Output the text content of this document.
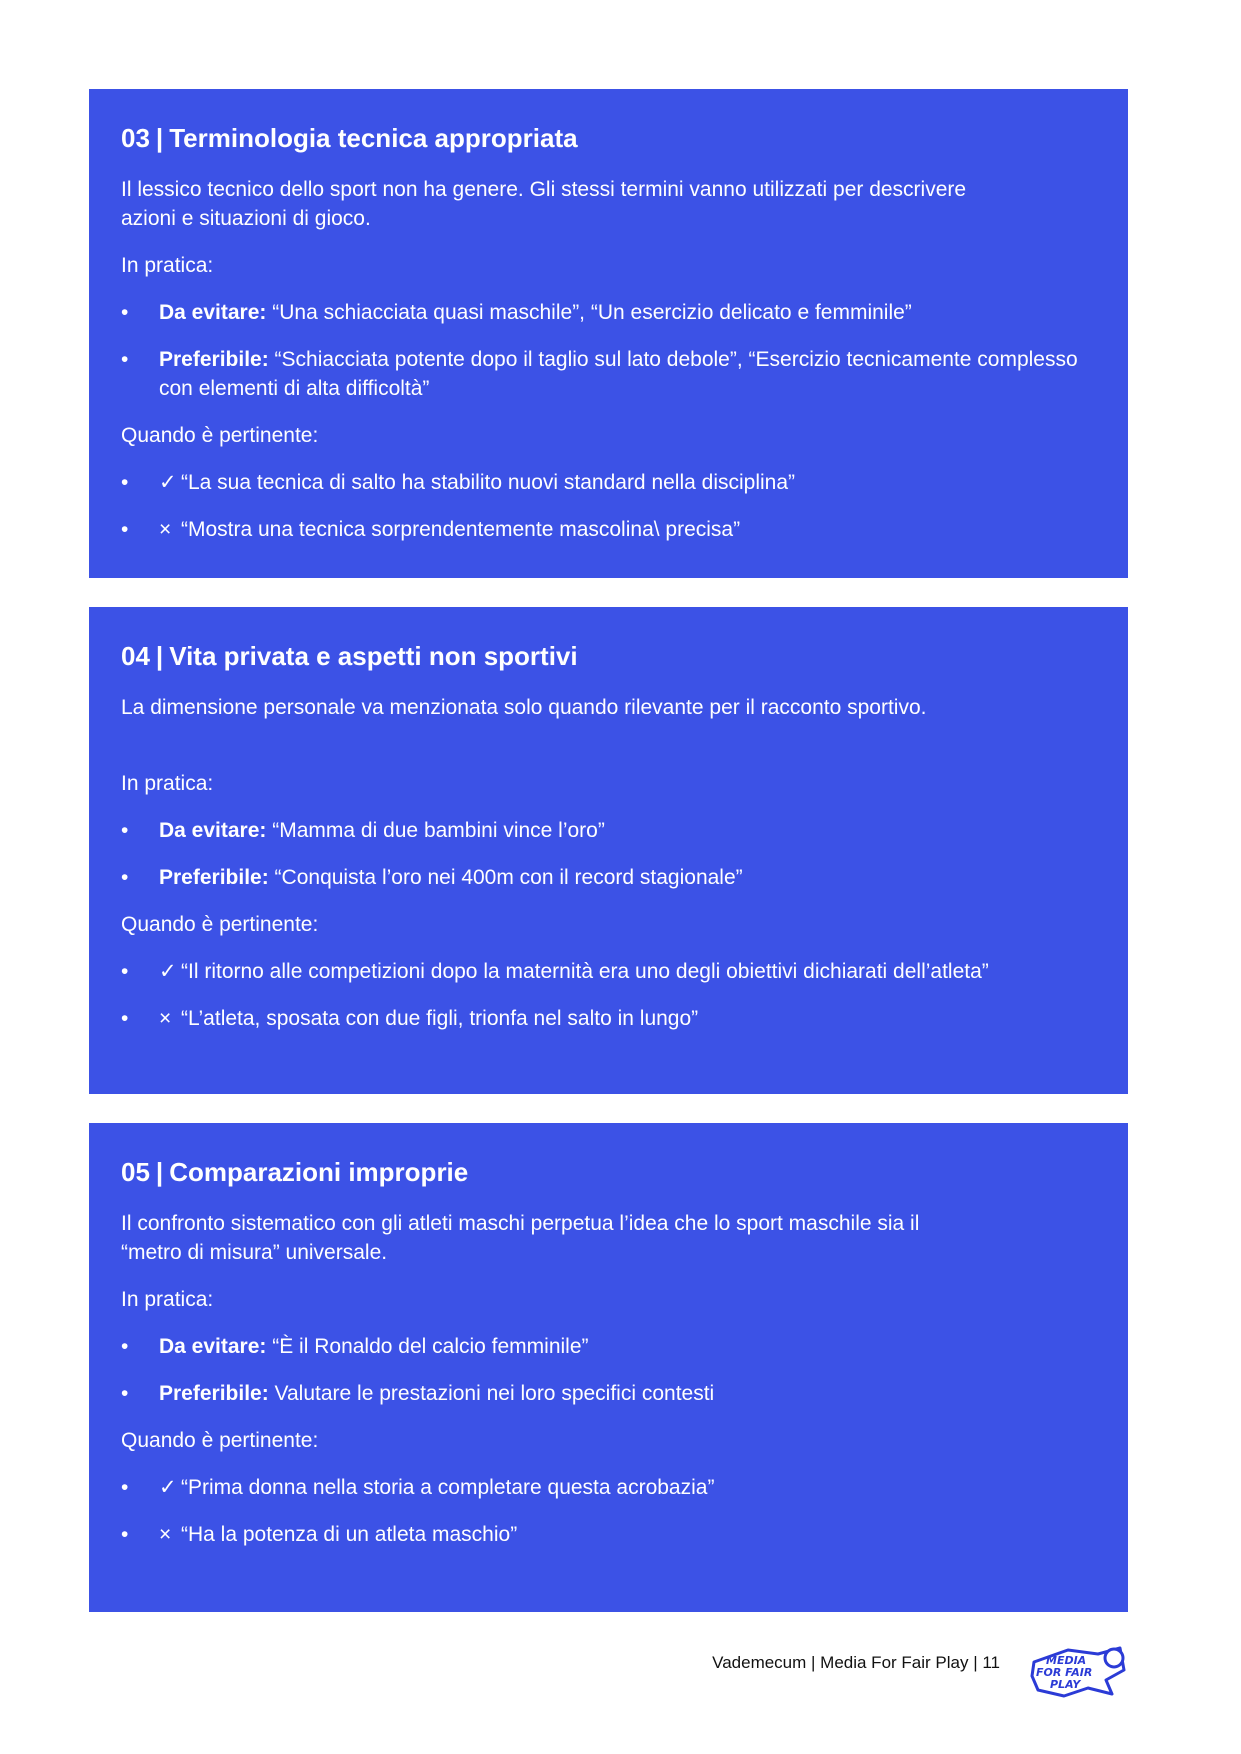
03 | Terminologia tecnica appropriata

Il lessico tecnico dello sport non ha genere. Gli stessi termini vanno utilizzati per descrivere azioni e situazioni di gioco.

In pratica:

• Da evitare: “Una schiacciata quasi maschile”, “Un esercizio delicato e femminile”
• Preferibile: “Schiacciata potente dopo il taglio sul lato debole”, “Esercizio tecnicamente complesso con elementi di alta difficoltà”

Quando è pertinente:

• ✓ “La sua tecnica di salto ha stabilito nuovi standard nella disciplina”
• × “Mostra una tecnica sorprendentemente mascolina\ precisa”
04 | Vita privata e aspetti non sportivi

La dimensione personale va menzionata solo quando rilevante per il racconto sportivo.

In pratica:

• Da evitare: “Mamma di due bambini vince l’oro”
• Preferibile: “Conquista l’oro nei 400m con il record stagionale”

Quando è pertinente:

• ✓ “Il ritorno alle competizioni dopo la maternità era uno degli obiettivi dichiarati dell’atleta”
• × “L’atleta, sposata con due figli, trionfa nel salto in lungo”
05 | Comparazioni improprie

Il confronto sistematico con gli atleti maschi perpetua l’idea che lo sport maschile sia il “metro di misura” universale.

In pratica:

• Da evitare: “È il Ronaldo del calcio femminile”
• Preferibile: Valutare le prestazioni nei loro specifici contesti

Quando è pertinente:

• ✓ “Prima donna nella storia a completare questa acrobazia”
• × “Ha la potenza di un atleta maschio”
Vademecum | Media For Fair Play | 11	MEDIA
FOR FAIR
PLAY
